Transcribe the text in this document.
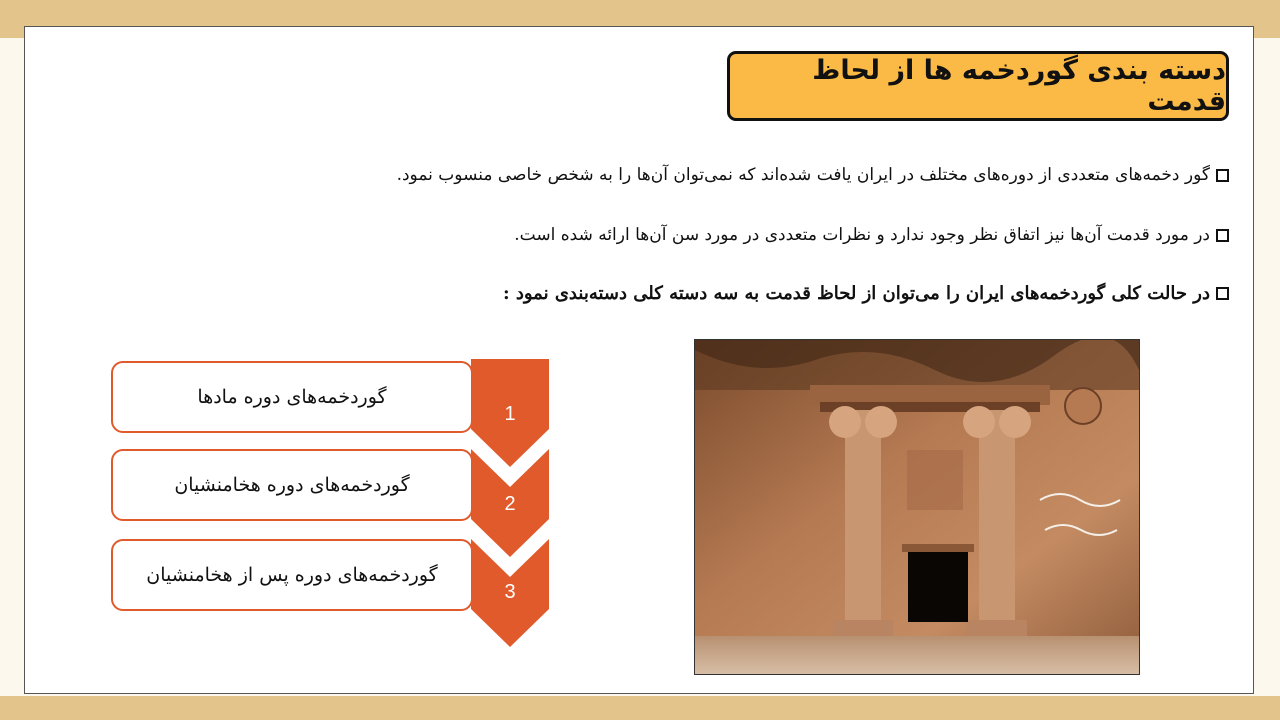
دسته بندی گوردخمه ها از لحاظ قدمت
گور دخمه‌های متعددی از دوره‌های مختلف در ایران یافت شده‌اند که نمی‌توان آن‌ها را به شخص خاصی منسوب نمود.
در مورد قدمت آن‌ها نیز اتفاق نظر وجود ندارد و نظرات متعددی در مورد سن آن‌ها ارائه شده است.
در حالت کلی گوردخمه‌های ایران را می‌توان از لحاظ قدمت به سه دسته کلی دسته‌بندی نمود :
گوردخمه‌های دوره مادها
گوردخمه‌های دوره هخامنشیان
گوردخمه‌های دوره پس از هخامنشیان
1
2
3
